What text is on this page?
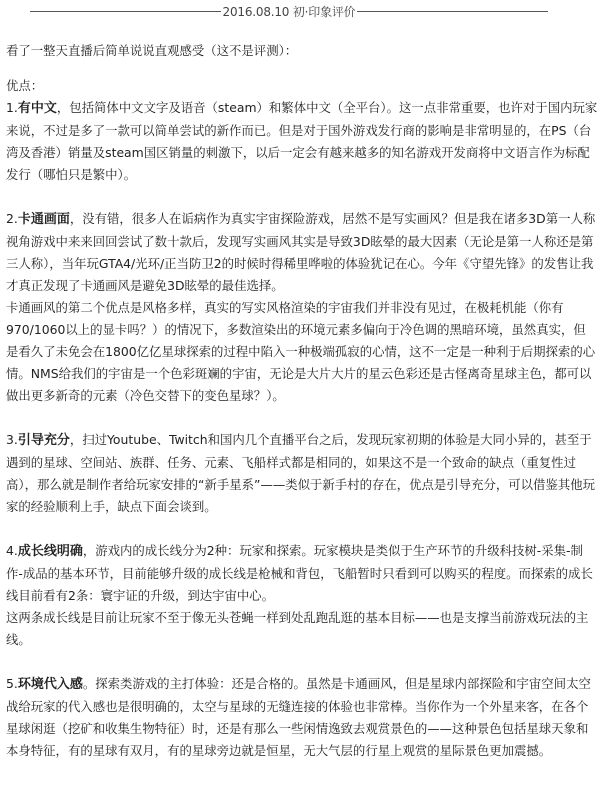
2016.08.10 初·印象评价

看了一整天直播后简单说说直观感受（这不是评测）：

优点：

1.有中文，包括简体中文文字及语音（steam）和繁体中文（全平台）。这一点非常重要，也许对于国内玩家来说，不过是多了一款可以简单尝试的新作而已。但是对于国外游戏发行商的影响是非常明显的，在PS（台湾及香港）销量及steam国区销量的刺激下，以后一定会有越来越多的知名游戏开发商将中文语言作为标配发行（哪怕只是繁中）。

2.卡通画面，没有错，很多人在诟病作为真实宇宙探险游戏，居然不是写实画风？但是我在诸多3D第一人称视角游戏中来来回回尝试了数十款后，发现写实画风其实是导致3D眩晕的最大因素（无论是第一人称还是第三人称），当年玩GTA4/光环/正当防卫2的时候时得稀里哗啦的体验犹记在心。今年《守望先锋》的发售让我才真正发现了卡通画风是避免3D眩晕的最佳选择。

卡通画风的第二个优点是风格多样，真实的写实风格渲染的宇宙我们并非没有见过，在极耗机能（你有970/1060以上的显卡吗？）的情况下，多数渲染出的环境元素多偏向于冷色调的黑暗环境，虽然真实，但是看久了未免会在1800亿亿星球探索的过程中陷入一种极端孤寂的心情，这不一定是一种利于后期探索的心情。NMS给我们的宇宙是一个色彩斑斓的宇宙，无论是大片大片的星云色彩还是古怪离奇星球主色，都可以做出更多新奇的元素（冷色交替下的变色星球？）。

3.引导充分，扫过Youtube、Twitch和国内几个直播平台之后，发现玩家初期的体验是大同小异的，甚至于遇到的星球、空间站、族群、任务、元素、飞船样式都是相同的，如果这不是一个致命的缺点（重复性过高），那么就是制作者给玩家安排的“新手星系”——类似于新手村的存在，优点是引导充分，可以借鉴其他玩家的经验顺利上手，缺点下面会谈到。

4.成长线明确，游戏内的成长线分为2种：玩家和探索。玩家模块是类似于生产环节的升级科技树-采集-制作-成品的基本环节，目前能够升级的成长线是枪械和背包，飞船暂时只看到可以购买的程度。而探索的成长线目前看有2条：寰宇证的升级，到达宇宙中心。

这两条成长线是目前让玩家不至于像无头苍蝇一样到处乱跑乱逛的基本目标——也是支撑当前游戏玩法的主线。

5.环境代入感。探索类游戏的主打体验：还是合格的。虽然是卡通画风，但是星球内部探险和宇宙空间太空战给玩家的代入感也是很明确的，太空与星球的无缝连接的体验也非常棒。当你作为一个外星来客，在各个星球闲逛（挖矿和收集生物特征）时，还是有那么一些闲情逸致去观赏景色的——这种景色包括星球天象和本身特征，有的星球有双月，有的星球旁边就是恒星，无大气层的行星上观赏的星际景色更加震撼。
